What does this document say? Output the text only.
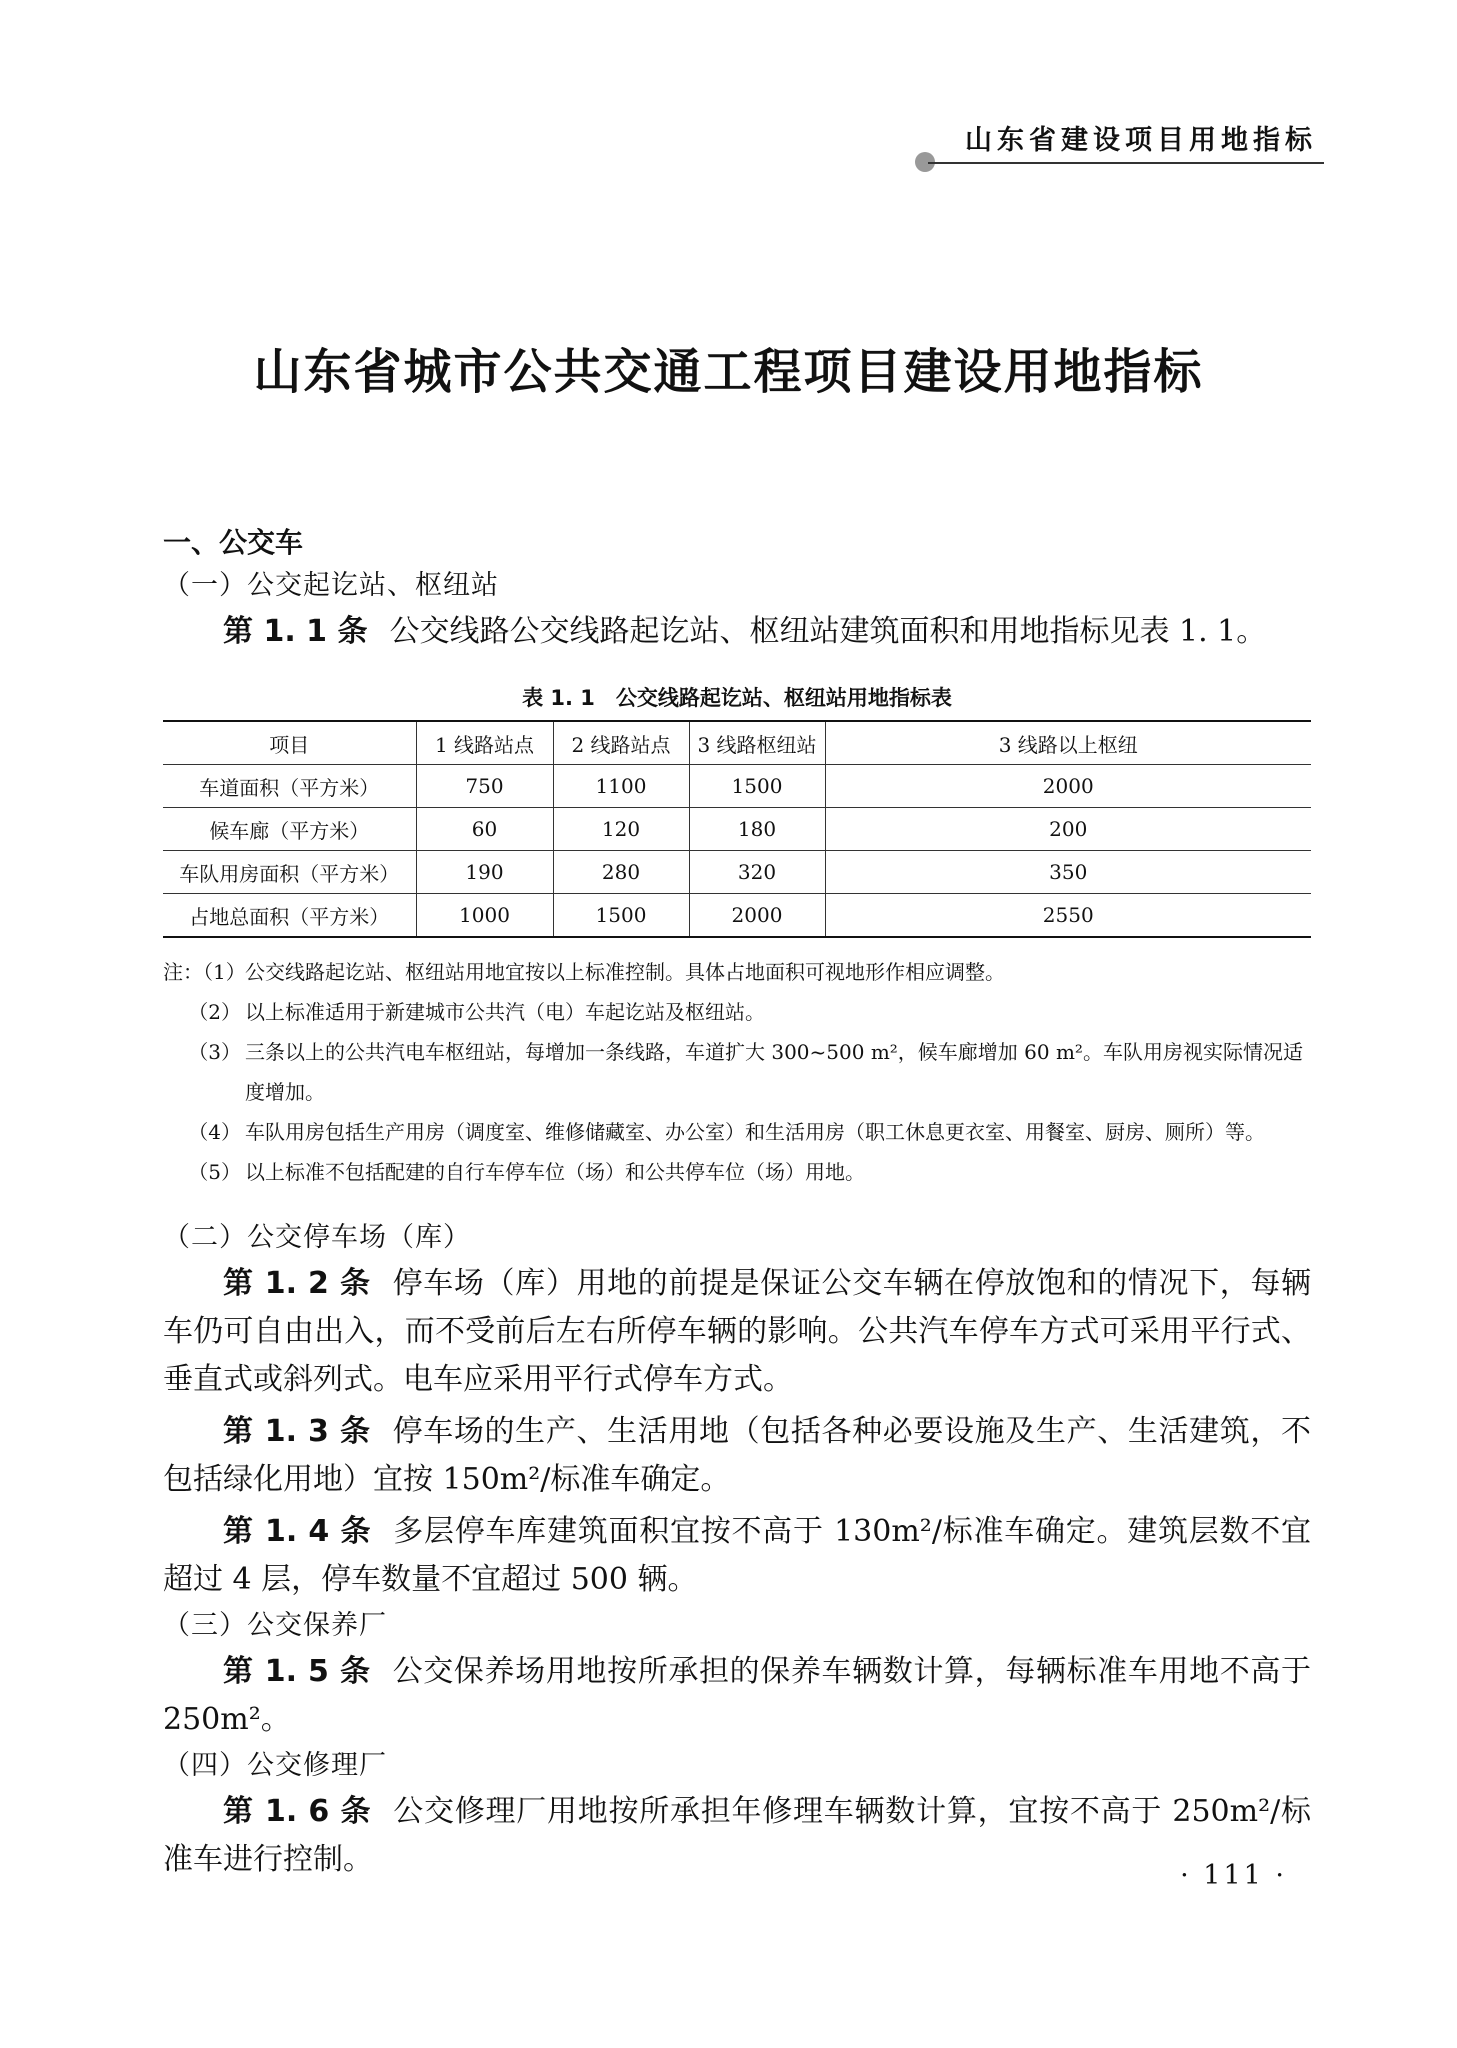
山东省建设项目用地指标
山东省城市公共交通工程项目建设用地指标
一、公交车
（一）公交起讫站、枢纽站

第 1. 1 条 公交线路公交线路起讫站、枢纽站建筑面积和用地指标见表 1. 1。

表 1. 1　公交线路起讫站、枢纽站用地指标表
项目	1 线路站点	2 线路站点	3 线路枢纽站	3 线路以上枢纽
车道面积（平方米）	750	1100	1500	2000
候车廊（平方米）	60	120	180	200
车队用房面积（平方米）	190	280	320	350
占地总面积（平方米）	1000	1500	2000	2550
注：（1） 公交线路起讫站、枢纽站用地宜按以上标准控制。具体占地面积可视地形作相应调整。
（2） 以上标准适用于新建城市公共汽（电）车起讫站及枢纽站。
（3） 三条以上的公共汽电车枢纽站，每增加一条线路，车道扩大 300~500 m²，候车廊增加 60 m²。车队用房视实际情况适度增加。
（4） 车队用房包括生产用房（调度室、维修储藏室、办公室）和生活用房（职工休息更衣室、用餐室、厨房、厕所）等。
（5） 以上标准不包括配建的自行车停车位（场）和公共停车位（场）用地。
（二）公交停车场（库）

第 1. 2 条 停车场（库）用地的前提是保证公交车辆在停放饱和的情况下，每辆车仍可自由出入，而不受前后左右所停车辆的影响。公共汽车停车方式可采用平行式、垂直式或斜列式。电车应采用平行式停车方式。

第 1. 3 条 停车场的生产、生活用地（包括各种必要设施及生产、生活建筑，不包括绿化用地）宜按 150m²/标准车确定。

第 1. 4 条 多层停车库建筑面积宜按不高于 130m²/标准车确定。建筑层数不宜超过 4 层，停车数量不宜超过 500 辆。

（三）公交保养厂

第 1. 5 条 公交保养场用地按所承担的保养车辆数计算，每辆标准车用地不高于 250m²。

（四）公交修理厂

第 1. 6 条 公交修理厂用地按所承担年修理车辆数计算，宜按不高于 250m²/标准车进行控制。	· 111 ·
